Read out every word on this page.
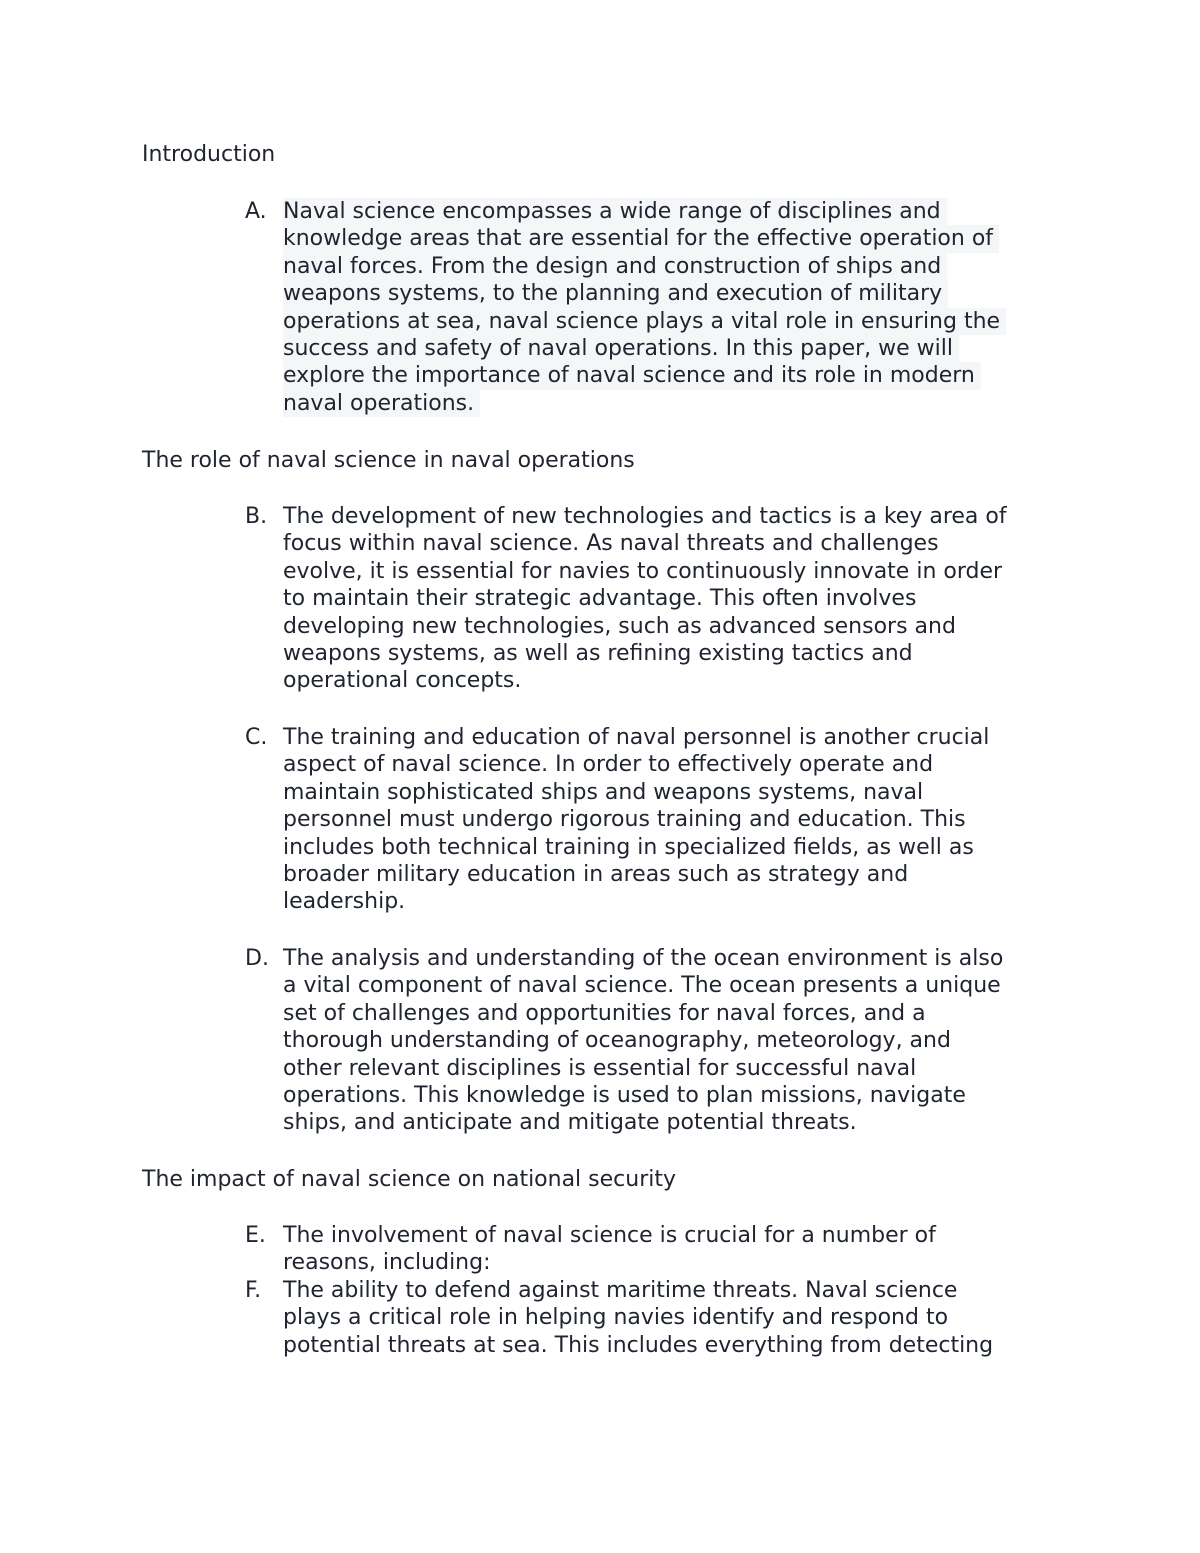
Introduction
A. Naval science encompasses a wide range of disciplines and
knowledge areas that are essential for the effective operation of
naval forces. From the design and construction of ships and
weapons systems, to the planning and execution of military
operations at sea, naval science plays a vital role in ensuring the
success and safety of naval operations. In this paper, we will
explore the importance of naval science and its role in modern
naval operations.
The role of naval science in naval operations
B. The development of new technologies and tactics is a key area of
focus within naval science. As naval threats and challenges
evolve, it is essential for navies to continuously innovate in order
to maintain their strategic advantage. This often involves
developing new technologies, such as advanced sensors and
weapons systems, as well as refining existing tactics and
operational concepts.
C. The training and education of naval personnel is another crucial
aspect of naval science. In order to effectively operate and
maintain sophisticated ships and weapons systems, naval
personnel must undergo rigorous training and education. This
includes both technical training in specialized fields, as well as
broader military education in areas such as strategy and
leadership.
D. The analysis and understanding of the ocean environment is also
a vital component of naval science. The ocean presents a unique
set of challenges and opportunities for naval forces, and a
thorough understanding of oceanography, meteorology, and
other relevant disciplines is essential for successful naval
operations. This knowledge is used to plan missions, navigate
ships, and anticipate and mitigate potential threats.
The impact of naval science on national security
E. The involvement of naval science is crucial for a number of
reasons, including:
F. The ability to defend against maritime threats. Naval science
plays a critical role in helping navies identify and respond to
potential threats at sea. This includes everything from detecting
